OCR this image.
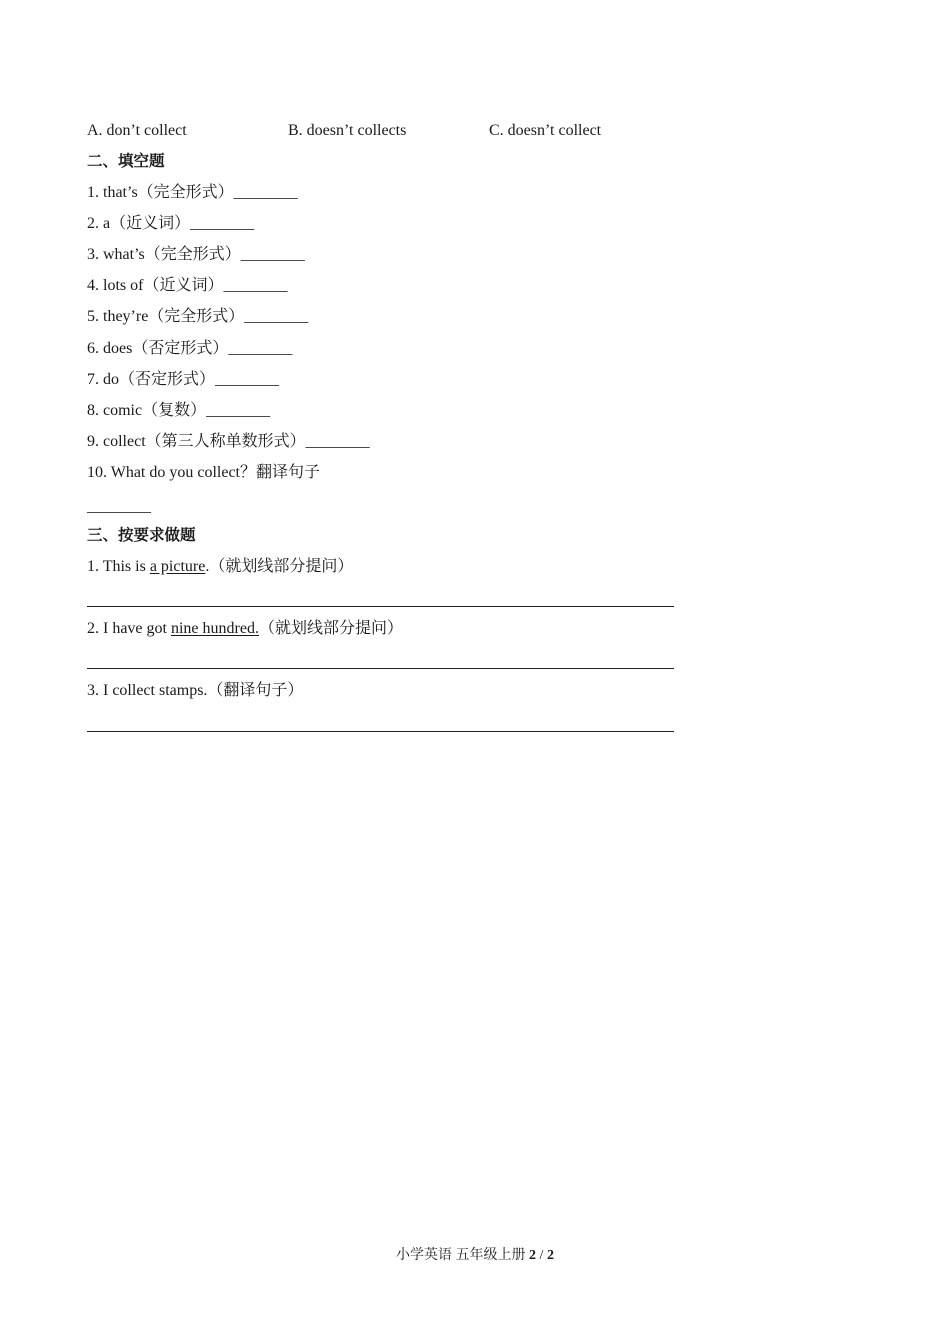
A. don’t collect	B. doesn’t collects	C. doesn’t collect
二、填空题
1. that’s（完全形式）________
2. a（近义词）________
3. what’s（完全形式）________
4. lots of（近义词）________
5. they’re（完全形式）________
6. does（否定形式）________
7. do（否定形式）________
8. comic（复数）________
9. collect（第三人称单数形式）________
10. What do you collect？翻译句子
________
三、按要求做题
1. This is a picture.（就划线部分提问）
2. I have got nine hundred.（就划线部分提问）
3. I collect stamps.（翻译句子）
小学英语 五年级上册 2 / 2
